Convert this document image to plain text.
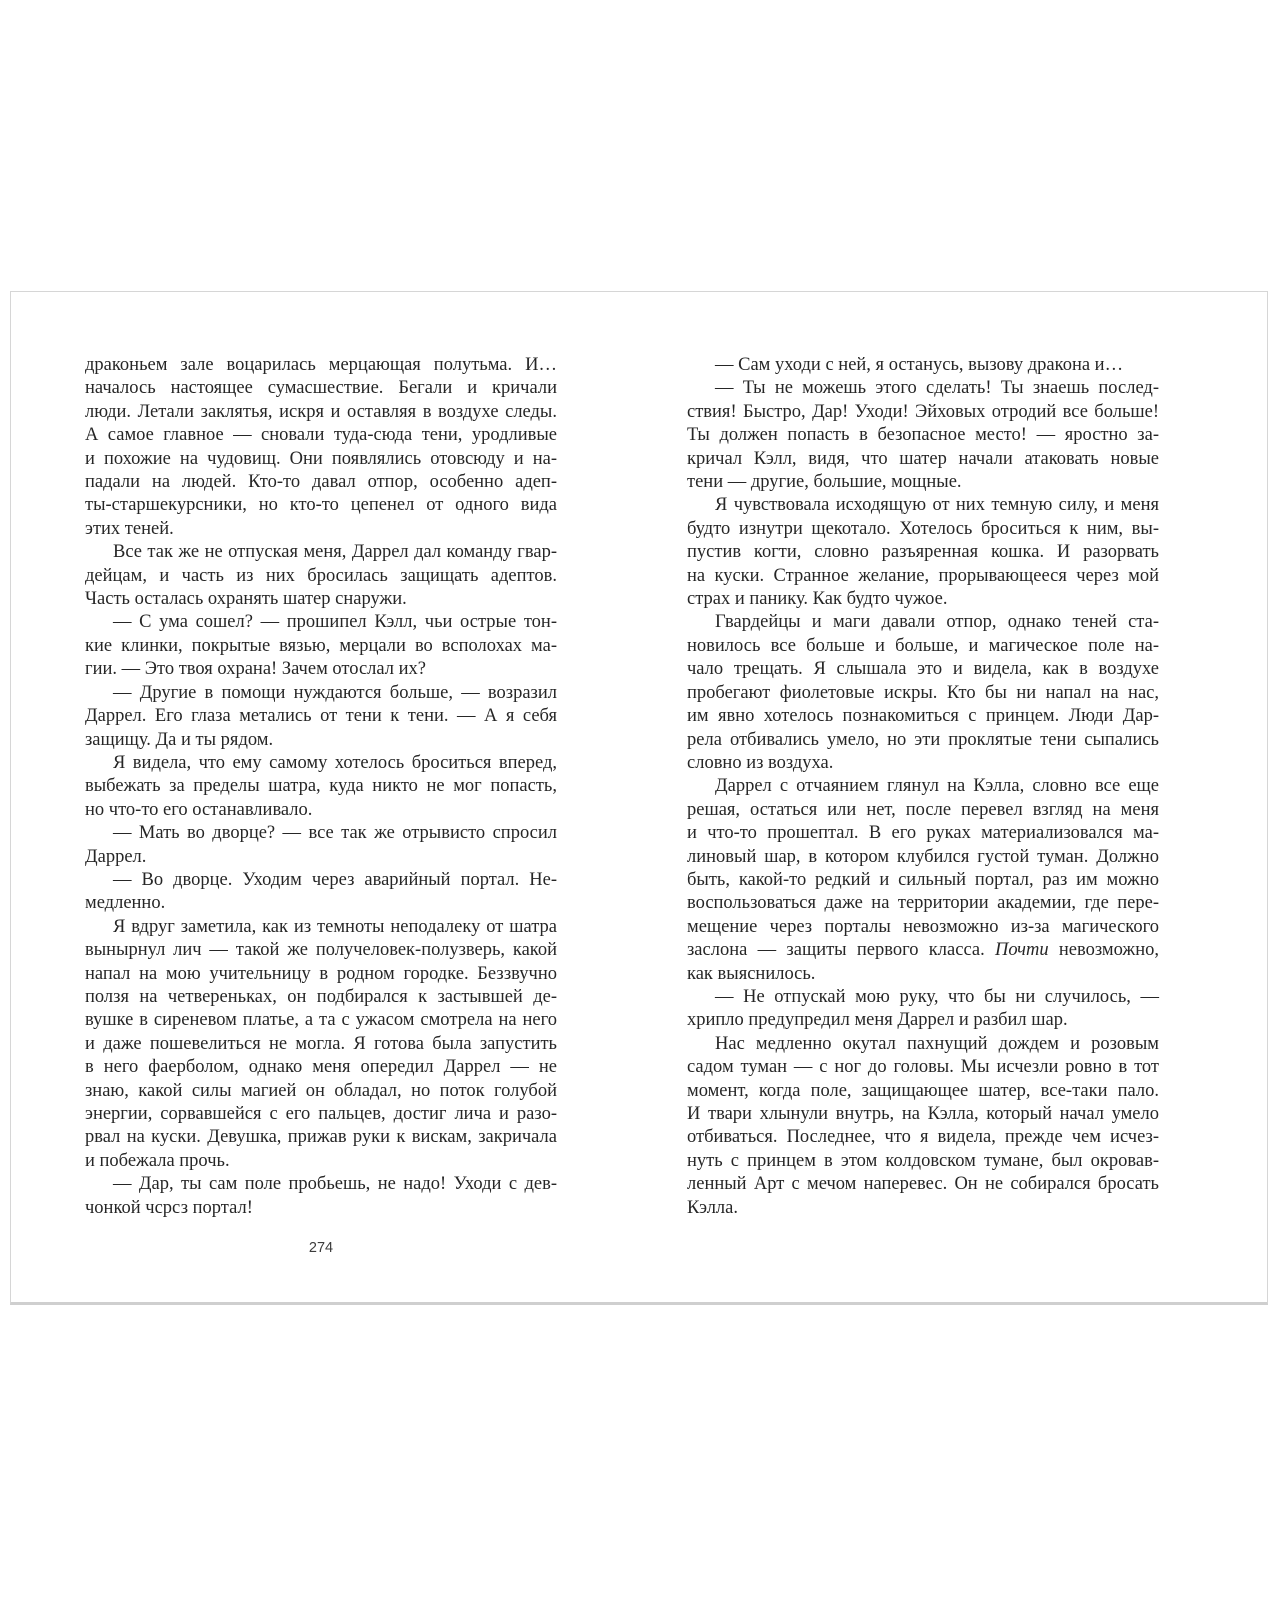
драконьем зале воцарилась мерцающая полутьма. И…
началось настоящее сумасшествие. Бегали и кричали
люди. Летали заклятья, искря и оставляя в воздухе следы.
А самое главное — сновали туда-сюда тени, уродливые
и похожие на чудовищ. Они появлялись отовсюду и на-
падали на людей. Кто-то давал отпор, особенно адеп-
ты-старшекурсники, но кто-то цепенел от одного вида
этих теней.
Все так же не отпуская меня, Даррел дал команду гвар-
дейцам, и часть из них бросилась защищать адептов.
Часть осталась охранять шатер снаружи.
— С ума сошел? — прошипел Кэлл, чьи острые тон-
кие клинки, покрытые вязью, мерцали во всполохах ма-
гии. — Это твоя охрана! Зачем отослал их?
— Другие в помощи нуждаются больше, — возразил
Даррел. Его глаза метались от тени к тени. — А я себя
защищу. Да и ты рядом.
Я видела, что ему самому хотелось броситься вперед,
выбежать за пределы шатра, куда никто не мог попасть,
но что-то его останавливало.
— Мать во дворце? — все так же отрывисто спросил
Даррел.
— Во дворце. Уходим через аварийный портал. Не-
медленно.
Я вдруг заметила, как из темноты неподалеку от шатра
вынырнул лич — такой же получеловек-полузверь, какой
напал на мою учительницу в родном городке. Беззвучно
ползя на четвереньках, он подбирался к застывшей де-
вушке в сиреневом платье, а та с ужасом смотрела на него
и даже пошевелиться не могла. Я готова была запустить
в него фаерболом, однако меня опередил Даррел — не
знаю, какой силы магией он обладал, но поток голубой
энергии, сорвавшейся с его пальцев, достиг лича и разо-
рвал на куски. Девушка, прижав руки к вискам, закричала
и побежала прочь.
— Дар, ты сам поле пробьешь, не надо! Уходи с дев-
чонкой чсрсз портал!
— Сам уходи с ней, я останусь, вызову дракона и…
— Ты не можешь этого сделать! Ты знаешь послед-
ствия! Быстро, Дар! Уходи! Эйховых отродий все больше!
Ты должен попасть в безопасное место! — яростно за-
кричал Кэлл, видя, что шатер начали атаковать новые
тени — другие, большие, мощные.
Я чувствовала исходящую от них темную силу, и меня
будто изнутри щекотало. Хотелось броситься к ним, вы-
пустив когти, словно разъяренная кошка. И разорвать
на куски. Странное желание, прорывающееся через мой
страх и панику. Как будто чужое.
Гвардейцы и маги давали отпор, однако теней ста-
новилось все больше и больше, и магическое поле на-
чало трещать. Я слышала это и видела, как в воздухе
пробегают фиолетовые искры. Кто бы ни напал на нас,
им явно хотелось познакомиться с принцем. Люди Дар-
рела отбивались умело, но эти проклятые тени сыпались
словно из воздуха.
Даррел с отчаянием глянул на Кэлла, словно все еще
решая, остаться или нет, после перевел взгляд на меня
и что-то прошептал. В его руках материализовался ма-
линовый шар, в котором клубился густой туман. Должно
быть, какой-то редкий и сильный портал, раз им можно
воспользоваться даже на территории академии, где пере-
мещение через порталы невозможно из-за магического
заслона — защиты первого класса. Почти невозможно,
как выяснилось.
— Не отпускай мою руку, что бы ни случилось, —
хрипло предупредил меня Даррел и разбил шар.
Нас медленно окутал пахнущий дождем и розовым
садом туман — с ног до головы. Мы исчезли ровно в тот
момент, когда поле, защищающее шатер, все-таки пало.
И твари хлынули внутрь, на Кэлла, который начал умело
отбиваться. Последнее, что я видела, прежде чем исчез-
нуть с принцем в этом колдовском тумане, был окровав-
ленный Арт с мечом наперевес. Он не собирался бросать
Кэлла.
274
